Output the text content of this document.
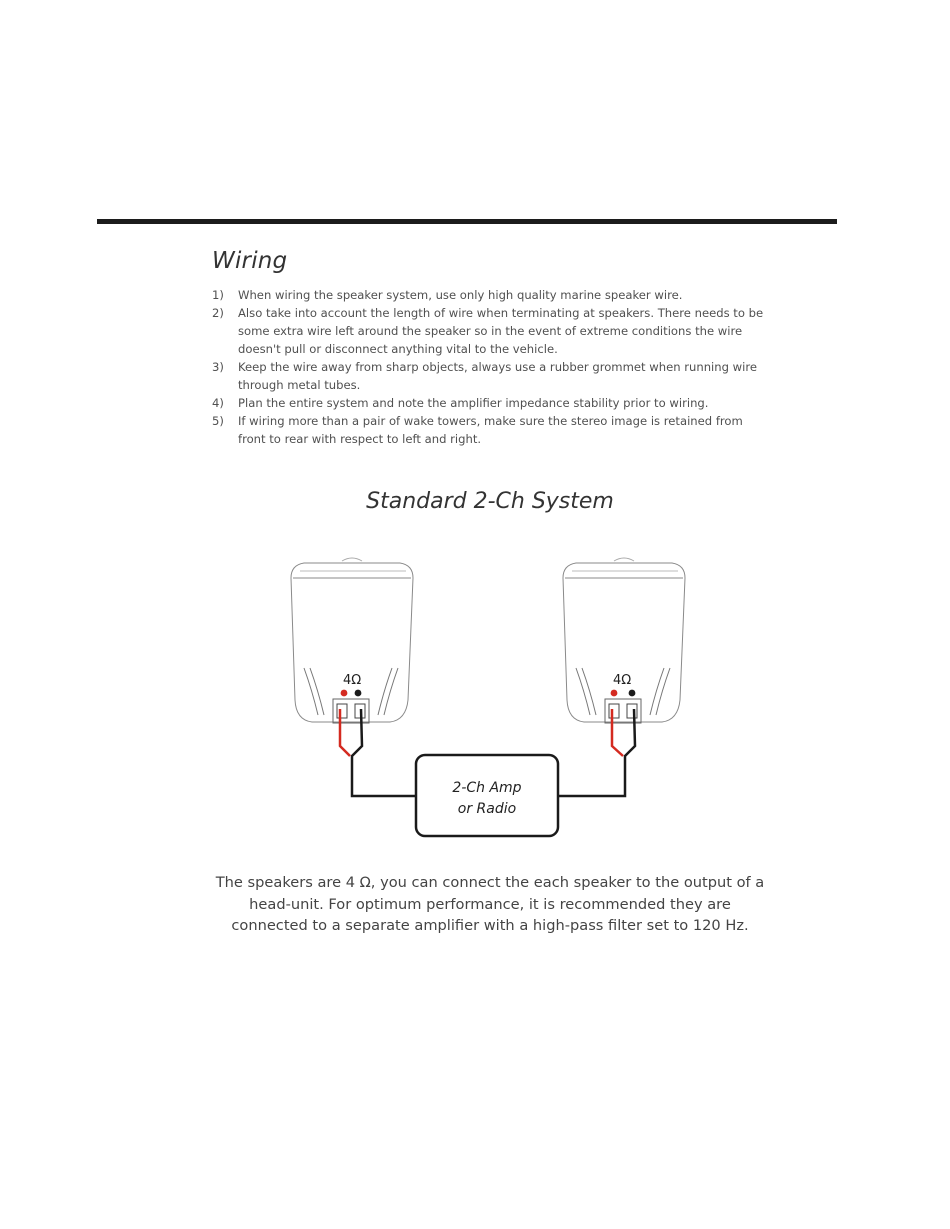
Wiring
1) When wiring the speaker system, use only high quality marine speaker wire.
2) Also take into account the length of wire when terminating at speakers. There needs to be some extra wire left around the speaker so in the event of extreme conditions the wire doesn't pull or disconnect anything vital to the vehicle.
3) Keep the wire away from sharp objects, always use a rubber grommet when running wire through metal tubes.
4) Plan the entire system and note the amplifier impedance stability prior to wiring.
5) If wiring more than a pair of wake towers, make sure the stereo image is retained from front to rear with respect to left and right.
Standard 2-Ch System
4Ω	4Ω
2-Ch Amp
or Radio
The speakers are 4 Ω, you can connect the each speaker to the output of a head-unit. For optimum performance, it is recommended they are connected to a separate amplifier with a high-pass filter set to 120 Hz.
